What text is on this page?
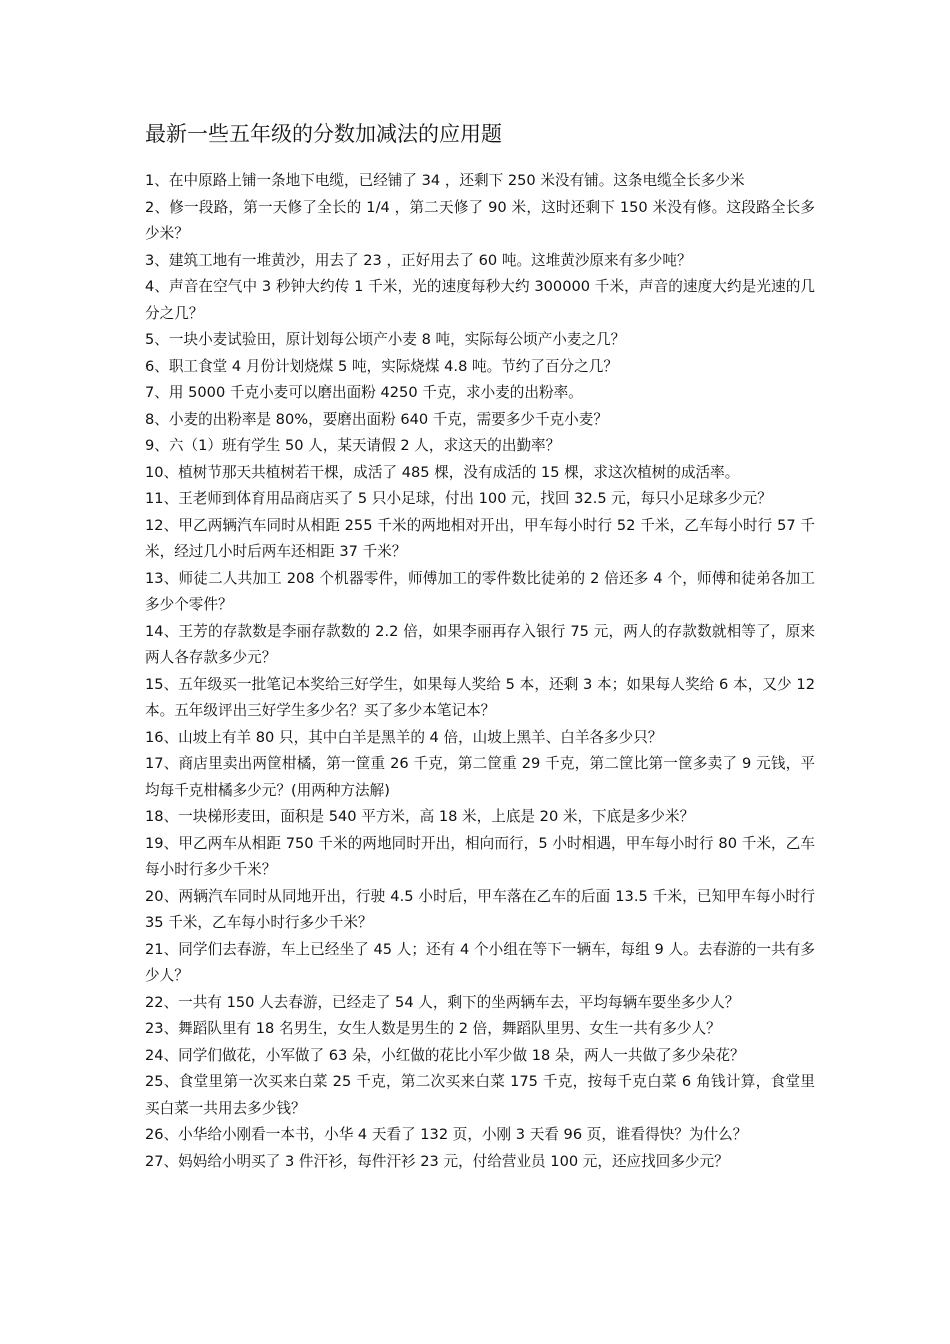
最新一些五年级的分数加减法的应用题

1、在中原路上铺一条地下电缆，已经铺了 34 ，还剩下 250 米没有铺。这条电缆全长多少米

2、修一段路，第一天修了全长的 1/4 ，第二天修了 90 米，这时还剩下 150 米没有修。这段路全长多少米？

3、建筑工地有一堆黄沙，用去了 23 ，正好用去了 60 吨。这堆黄沙原来有多少吨？

4、声音在空气中 3 秒钟大约传 1 千米，光的速度每秒大约 300000 千米，声音的速度大约是光速的几分之几？

5、一块小麦试验田，原计划每公顷产小麦 8 吨，实际每公顷产小麦之几？

6、职工食堂 4 月份计划烧煤 5 吨，实际烧煤 4.8 吨。节约了百分之几？

7、用 5000 千克小麦可以磨出面粉 4250 千克，求小麦的出粉率。

8、小麦的出粉率是 80%，要磨出面粉 640 千克，需要多少千克小麦？

9、六（1）班有学生 50 人，某天请假 2 人，求这天的出勤率？

10、植树节那天共植树若干棵，成活了 485 棵，没有成活的 15 棵，求这次植树的成活率。

11、王老师到体育用品商店买了 5 只小足球，付出 100 元，找回 32.5 元，每只小足球多少元？

12、甲乙两辆汽车同时从相距 255 千米的两地相对开出，甲车每小时行 52 千米，乙车每小时行 57 千米，经过几小时后两车还相距 37 千米？

13、师徒二人共加工 208 个机器零件，师傅加工的零件数比徒弟的 2 倍还多 4 个，师傅和徒弟各加工多少个零件？

14、王芳的存款数是李丽存款数的 2.2 倍，如果李丽再存入银行 75 元，两人的存款数就相等了，原来两人各存款多少元？

15、五年级买一批笔记本奖给三好学生，如果每人奖给 5 本，还剩 3 本；如果每人奖给 6 本，又少 12 本。五年级评出三好学生多少名？买了多少本笔记本？

16、山坡上有羊 80 只，其中白羊是黑羊的 4 倍，山坡上黑羊、白羊各多少只？

17、商店里卖出两筐柑橘，第一筐重 26 千克，第二筐重 29 千克，第二筐比第一筐多卖了 9 元钱，平均每千克柑橘多少元？(用两种方法解)

18、一块梯形麦田，面积是 540 平方米，高 18 米，上底是 20 米，下底是多少米？

19、甲乙两车从相距 750 千米的两地同时开出，相向而行，5 小时相遇，甲车每小时行 80 千米，乙车每小时行多少千米？

20、两辆汽车同时从同地开出，行驶 4.5 小时后，甲车落在乙车的后面 13.5 千米，已知甲车每小时行 35 千米，乙车每小时行多少千米？

21、同学们去春游，车上已经坐了 45 人；还有 4 个小组在等下一辆车，每组 9 人。去春游的一共有多少人？

22、一共有 150 人去春游，已经走了 54 人，剩下的坐两辆车去，平均每辆车要坐多少人？

23、舞蹈队里有 18 名男生，女生人数是男生的 2 倍，舞蹈队里男、女生一共有多少人？

24、同学们做花，小军做了 63 朵，小红做的花比小军少做 18 朵，两人一共做了多少朵花？

25、食堂里第一次买来白菜 25 千克，第二次买来白菜 175 千克，按每千克白菜 6 角钱计算，食堂里买白菜一共用去多少钱？

26、小华给小刚看一本书，小华 4 天看了 132 页，小刚 3 天看 96 页，谁看得快？为什么？

27、妈妈给小明买了 3 件汗衫，每件汗衫 23 元，付给营业员 100 元，还应找回多少元？
